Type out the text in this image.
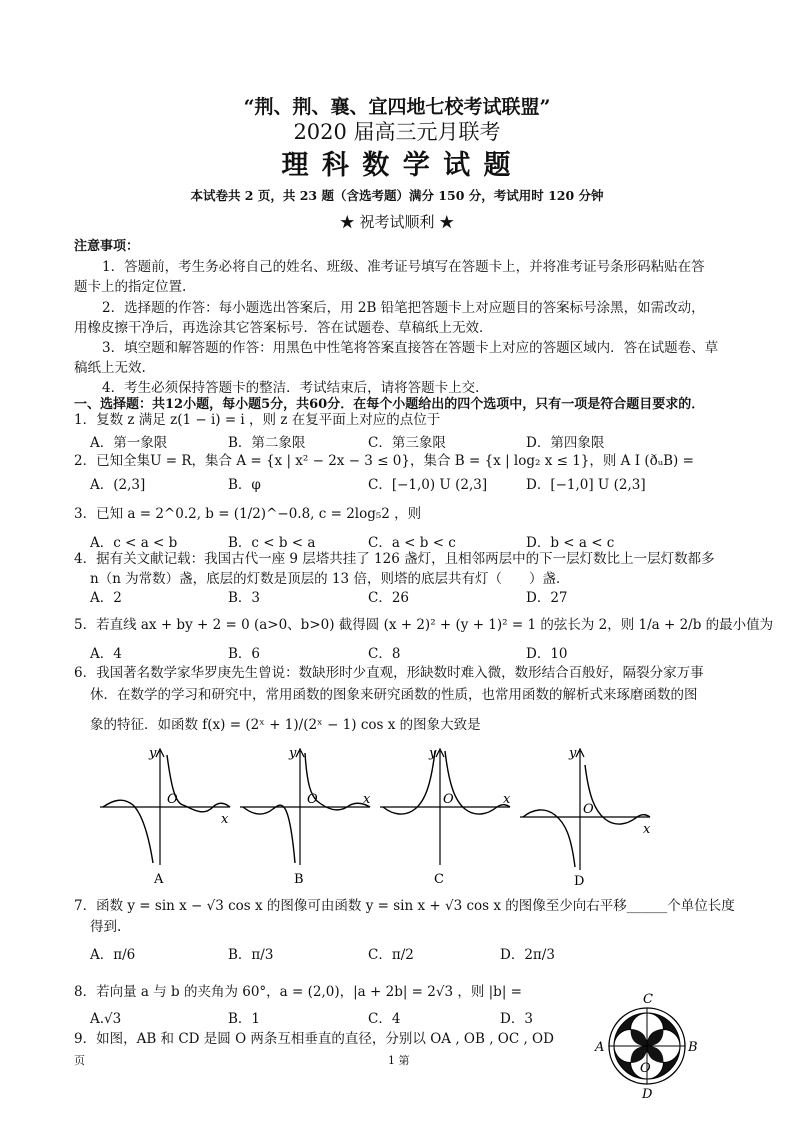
“荆、荆、襄、宜四地七校考试联盟”
2020 届高三元月联考
理 科 数 学 试 题
本试卷共 2 页，共 23 题（含选考题）满分 150 分，考试用时 120 分钟
★ 祝考试顺利 ★
注意事项：
1．答题前，考生务必将自己的姓名、班级、准考证号填写在答题卡上，并将准考证号条形码粘贴在答
题卡上的指定位置.
2．选择题的作答：每小题选出答案后，用 2B 铅笔把答题卡上对应题目的答案标号涂黑，如需改动，
用橡皮擦干净后，再选涂其它答案标号．答在试题卷、草稿纸上无效．
3．填空题和解答题的作答：用黑色中性笔将答案直接答在答题卡上对应的答题区域内．答在试题卷、草
稿纸上无效.
4．考生必须保持答题卡的整洁．考试结束后，请将答题卡上交．
一、选择题：共12小题，每小题5分，共60分．在每个小题给出的四个选项中，只有一项是符合题目要求的．
1．复数 z 满足 z(1 − i) = i ，则 z 在复平面上对应的点位于
A．第一象限	B．第二象限	C．第三象限	D．第四象限
2．已知全集U = R，集合 A = {x | x² − 2x − 3 ≤ 0}，集合 B = {x | log₂ x ≤ 1}，则 A I (ðᵤB) =
A．(2,3]	B．φ	C．[−1,0) U (2,3]	D．[−1,0] U (2,3]
3．已知 a = 2^0.2, b = (1/2)^−0.8, c = 2log₅2 ，则
A．c < a < b	B．c < b < a	C．a < b < c	D．b < a < c
4．据有关文献记载：我国古代一座 9 层塔共挂了 126 盏灯，且相邻两层中的下一层灯数比上一层灯数都多
n（n 为常数）盏，底层的灯数是顶层的 13 倍，则塔的底层共有灯（　　）盏．
A．2	B．3	C．26	D．27
5．若直线 ax + by + 2 = 0 (a>0、b>0) 截得圆 (x + 2)² + (y + 1)² = 1 的弦长为 2，则 1/a + 2/b 的最小值为
A．4	B．6	C．8	D．10
6．我国著名数学家华罗庚先生曾说：数缺形时少直观，形缺数时难入微，数形结合百般好，隔裂分家万事
休．在数学的学习和研究中，常用函数的图象来研究函数的性质，也常用函数的解析式来琢磨函数的图
象的特征．如函数 f(x) = (2ˣ + 1)/(2ˣ − 1) cos x 的图象大致是
y
O
x
A
y
O	x
B
y
O	x
C
y
O
x
D
7．函数 y = sin x − √3 cos x 的图像可由函数 y = sin x + √3 cos x 的图像至少向右平移______个单位长度
得到.
A．π/6	B．π/3	C．π/2	D．2π/3
8．若向量 a 与 b 的夹角为 60°，a = (2,0)，|a + 2b| = 2√3 ，则 |b| =
A.√3	B．1	C．4	D．3
9．如图，AB 和 CD 是圆 O 两条互相垂直的直径，分别以 OA , OB , OC , OD
C
A	B
O
D
页	1 第
